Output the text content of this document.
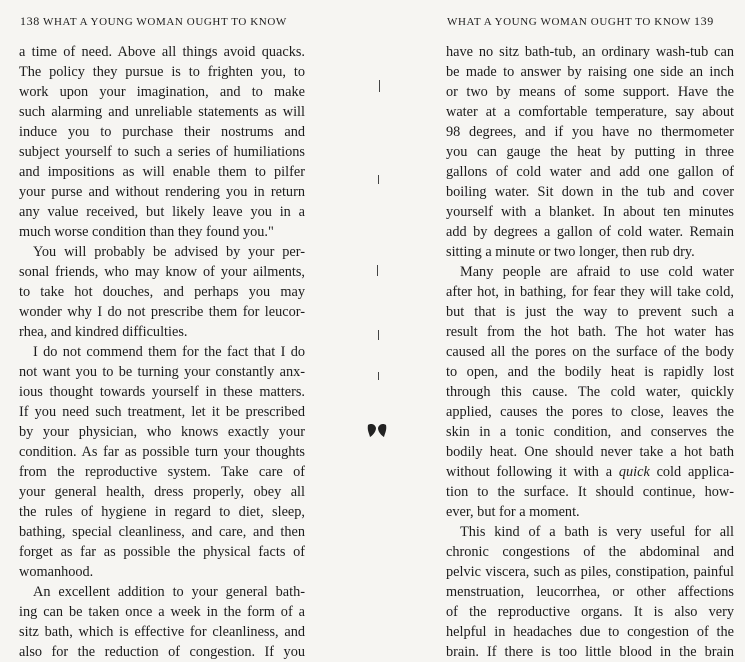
138 WHAT A YOUNG WOMAN OUGHT TO KNOW
a time of need. Above all things avoid quacks.
The policy they pursue is to frighten you, to
work upon your imagination, and to make
such alarming and unreliable statements as will
induce you to purchase their nostrums and
subject yourself to such a series of humiliations
and impositions as will enable them to pilfer
your purse and without rendering you in return
any value received, but likely leave you in a
much worse condition than they found you."
You will probably be advised by your per-
sonal friends, who may know of your ailments,
to take hot douches, and perhaps you may
wonder why I do not prescribe them for leucor-
rhea, and kindred difficulties.
I do not commend them for the fact that I do
not want you to be turning your constantly anx-
ious thought towards yourself in these matters.
If you need such treatment, let it be prescribed
by your physician, who knows exactly your
condition. As far as possible turn your thoughts
from the reproductive system. Take care of
your general health, dress properly, obey all
the rules of hygiene in regard to diet, sleep,
bathing, special cleanliness, and care, and then
forget as far as possible the physical facts of
womanhood.
An excellent addition to your general bath-
ing can be taken once a week in the form of a
sitz bath, which is effective for cleanliness, and
also for the reduction of congestion. If you
WHAT A YOUNG WOMAN OUGHT TO KNOW 139
have no sitz bath-tub, an ordinary wash-tub can
be made to answer by raising one side an inch
or two by means of some support. Have the
water at a comfortable temperature, say about
98 degrees, and if you have no thermometer
you can gauge the heat by putting in three
gallons of cold water and add one gallon of
boiling water. Sit down in the tub and cover
yourself with a blanket. In about ten minutes
add by degrees a gallon of cold water. Remain
sitting a minute or two longer, then rub dry.
Many people are afraid to use cold water
after hot, in bathing, for fear they will take cold,
but that is just the way to prevent such a
result from the hot bath. The hot water has
caused all the pores on the surface of the body
to open, and the bodily heat is rapidly lost
through this cause. The cold water, quickly
applied, causes the pores to close, leaves the
skin in a tonic condition, and conserves the
bodily heat. One should never take a hot bath
without following it with a quick cold applica-
tion to the surface. It should continue, how-
ever, but for a moment.
This kind of a bath is very useful for all
chronic congestions of the abdominal and
pelvic viscera, such as piles, constipation, painful
menstruation, leucorrhea, or other affections
of the reproductive organs. It is also very
helpful in headaches due to congestion of the
brain. If there is too little blood in the brain
